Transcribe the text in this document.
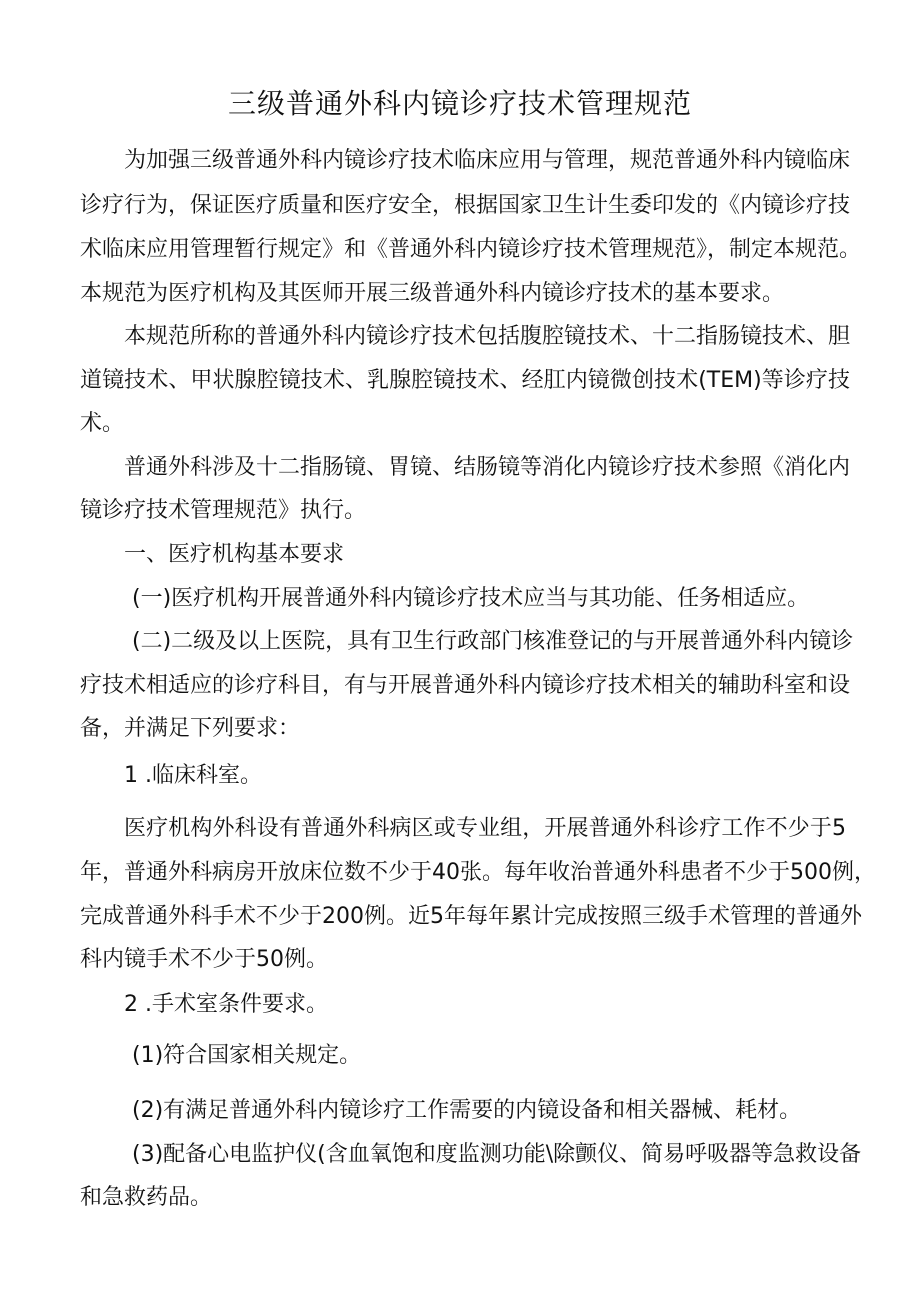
三级普通外科内镜诊疗技术管理规范

为加强三级普通外科内镜诊疗技术临床应用与管理，规范普通外科内镜临床

诊疗行为，保证医疗质量和医疗安全，根据国家卫生计生委印发的《内镜诊疗技

术临床应用管理暂行规定》和《普通外科内镜诊疗技术管理规范》，制定本规范。

本规范为医疗机构及其医师开展三级普通外科内镜诊疗技术的基本要求。

本规范所称的普通外科内镜诊疗技术包括腹腔镜技术、十二指肠镜技术、胆

道镜技术、甲状腺腔镜技术、乳腺腔镜技术、经肛内镜微创技术(TEM)等诊疗技

术。

普通外科涉及十二指肠镜、胃镜、结肠镜等消化内镜诊疗技术参照《消化内

镜诊疗技术管理规范》执行。

一、医疗机构基本要求

(一)医疗机构开展普通外科内镜诊疗技术应当与其功能、任务相适应。

(二)二级及以上医院，具有卫生行政部门核准登记的与开展普通外科内镜诊

疗技术相适应的诊疗科目，有与开展普通外科内镜诊疗技术相关的辅助科室和设

备，并满足下列要求：

1 .临床科室。

医疗机构外科设有普通外科病区或专业组，开展普通外科诊疗工作不少于5

年，普通外科病房开放床位数不少于40张。每年收治普通外科患者不少于500例，

完成普通外科手术不少于200例。近5年每年累计完成按照三级手术管理的普通外

科内镜手术不少于50例。

2 .手术室条件要求。

(1)符合国家相关规定。

(2)有满足普通外科内镜诊疗工作需要的内镜设备和相关器械、耗材。

(3)配备心电监护仪(含血氧饱和度监测功能\除颤仪、简易呼吸器等急救设备

和急救药品。
